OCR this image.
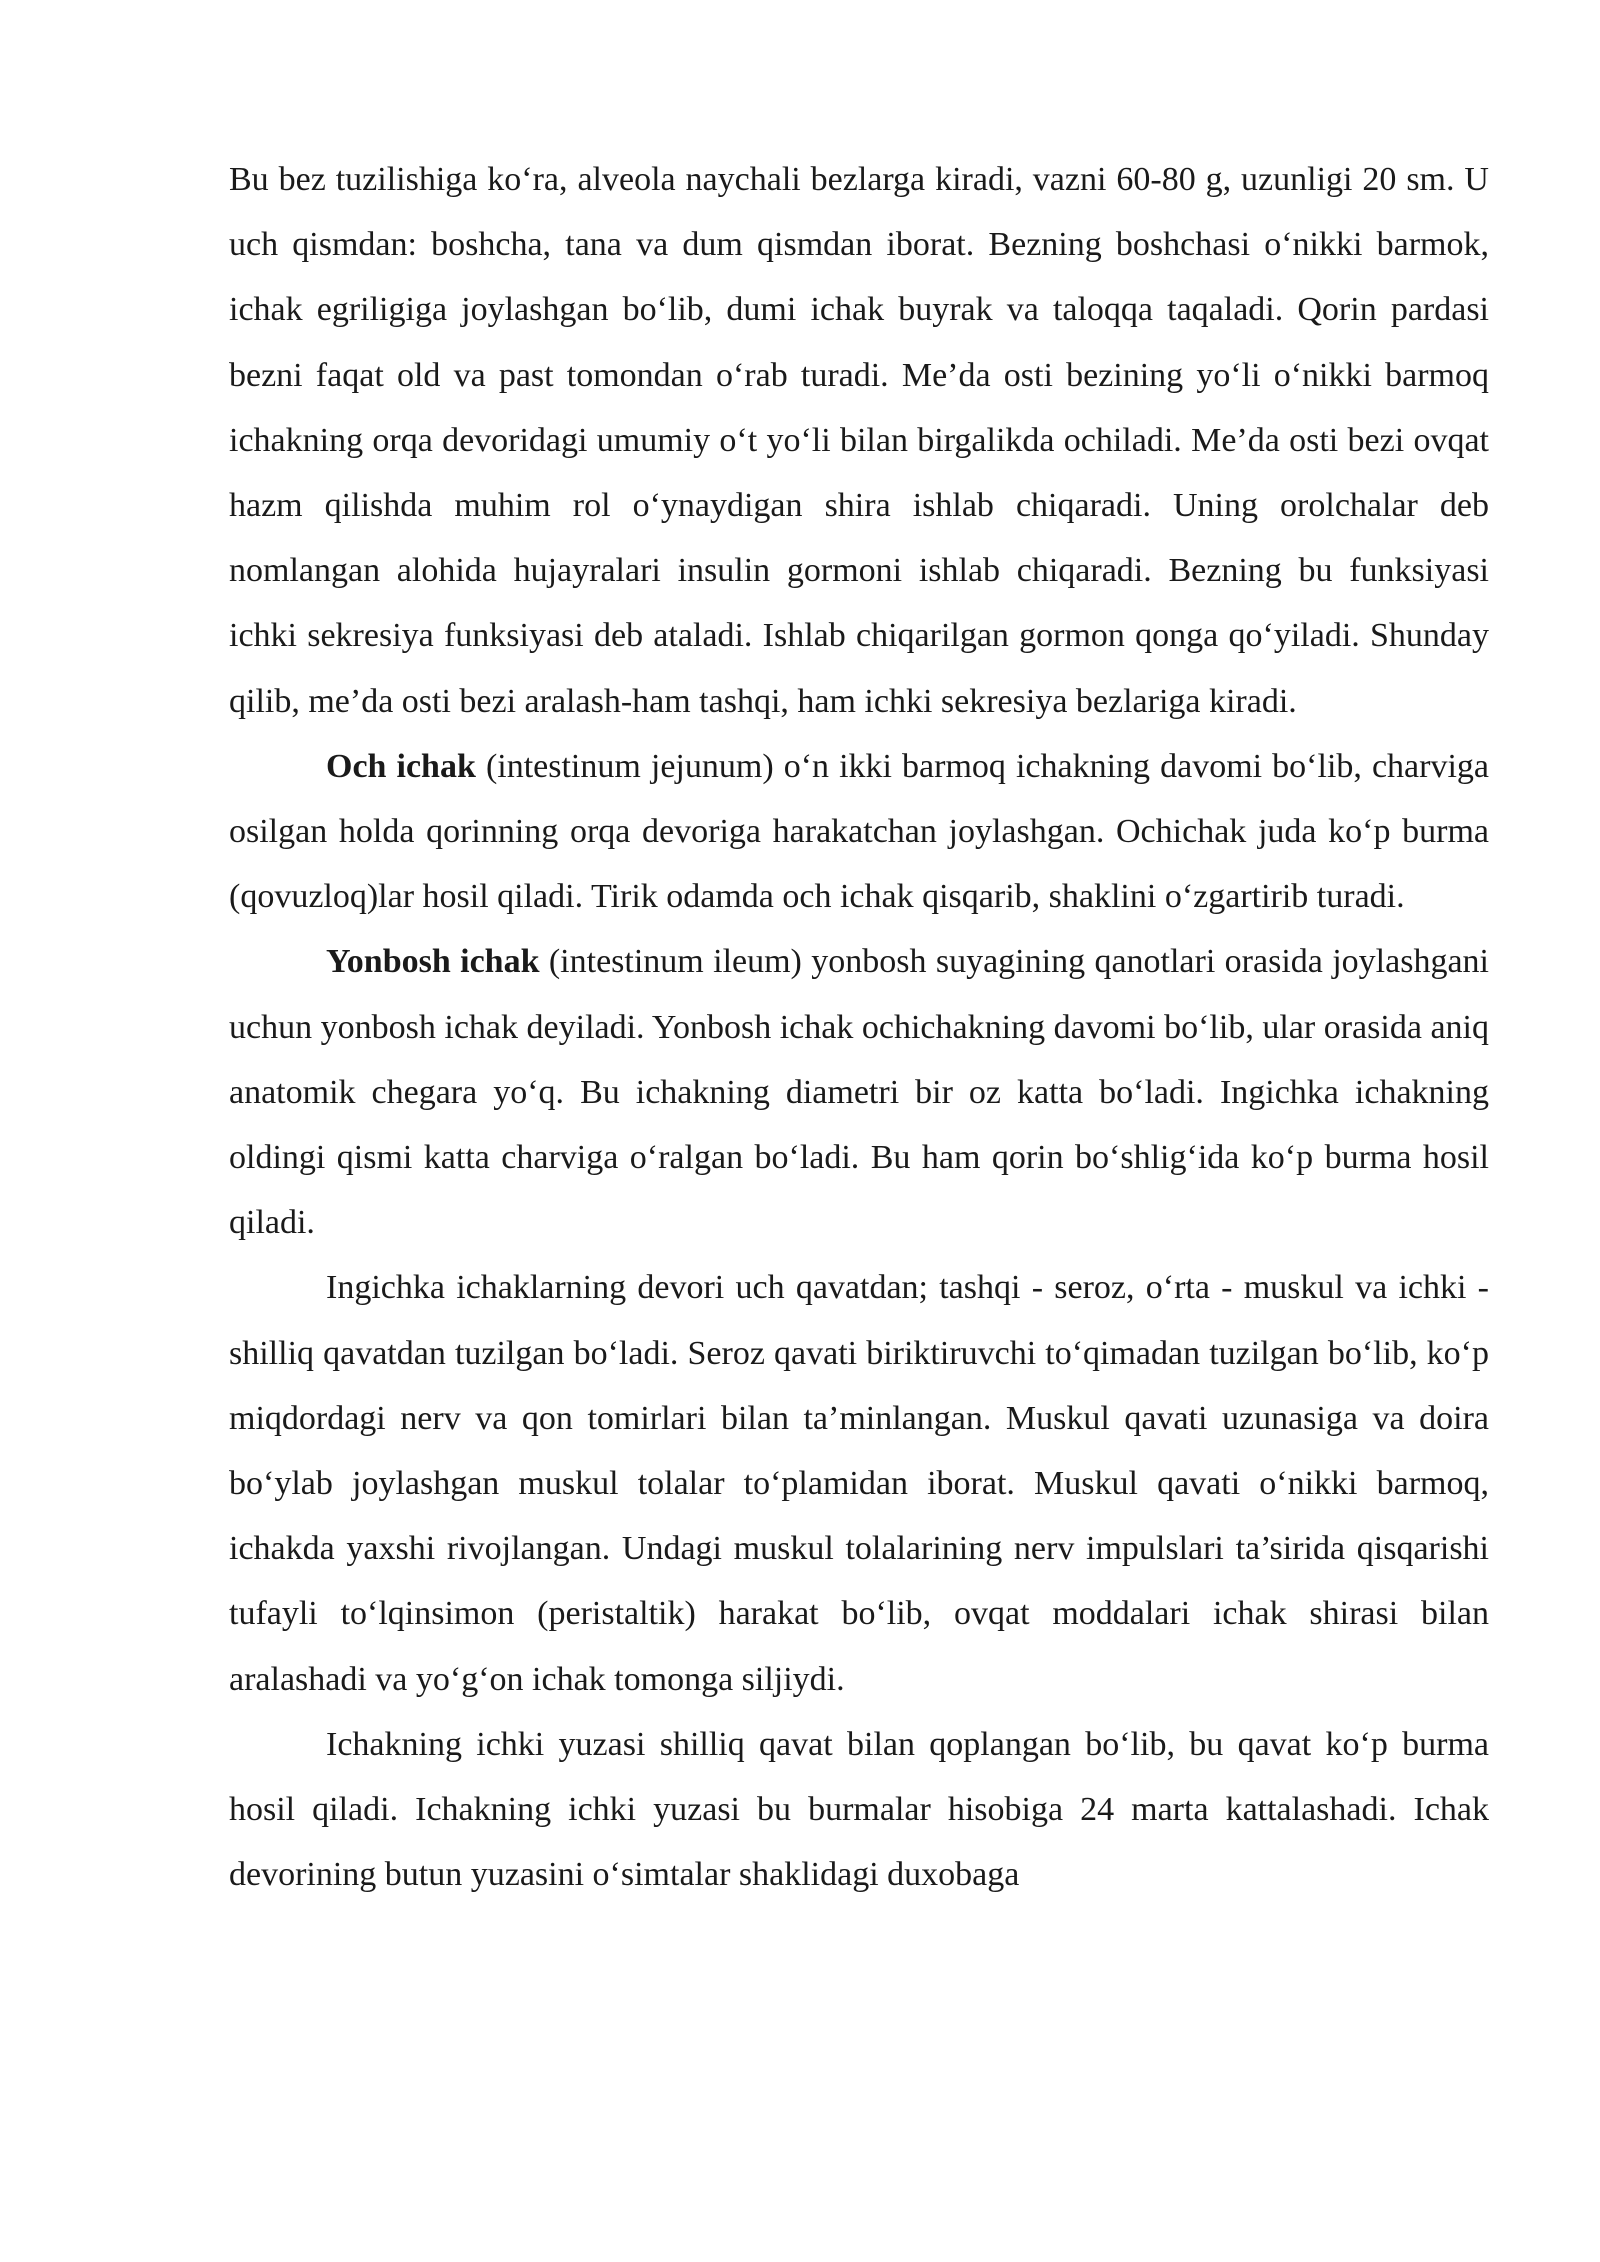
Bu bez tuzilishiga ko‘ra, alveola naychali bezlarga kiradi, vazni 60-80 g, uzunligi 20 sm. U uch qismdan: boshcha, tana va dum qismdan iborat. Bezning boshchasi o‘nikki barmok, ichak egriligiga joylashgan bo‘lib, dumi ichak buyrak va taloqqa taqaladi. Qorin pardasi bezni faqat old va past tomondan o‘rab turadi. Me’da osti bezining yo‘li o‘nikki barmoq ichakning orqa devoridagi umumiy o‘t yo‘li bilan birgalikda ochiladi. Me’da osti bezi ovqat hazm qilishda muhim rol o‘ynaydigan shira ishlab chiqaradi. Uning orolchalar deb nomlangan alohida hujayralari insulin gormoni ishlab chiqaradi. Bezning bu funksiyasi ichki sekresiya funksiyasi deb ataladi. Ishlab chiqarilgan gormon qonga qo‘yiladi. Shunday qilib, me’da osti bezi aralash-ham tashqi, ham ichki sekresiya bezlariga kiradi.

Och ichak (intestinum jejunum) o‘n ikki barmoq ichakning davomi bo‘lib, charviga osilgan holda qorinning orqa devoriga harakatchan joylashgan. Ochichak juda ko‘p burma (qovuzloq)lar hosil qiladi. Tirik odamda och ichak qisqarib, shaklini o‘zgartirib turadi.

Yonbosh ichak (intestinum ileum) yonbosh suyagining qanotlari orasida joylashgani uchun yonbosh ichak deyiladi. Yonbosh ichak ochichakning davomi bo‘lib, ular orasida aniq anatomik chegara yo‘q. Bu ichakning diametri bir oz katta bo‘ladi. Ingichka ichakning oldingi qismi katta charviga o‘ralgan bo‘ladi. Bu ham qorin bo‘shlig‘ida ko‘p burma hosil qiladi.

Ingichka ichaklarning devori uch qavatdan; tashqi - seroz, o‘rta - muskul va ichki - shilliq qavatdan tuzilgan bo‘ladi. Seroz qavati biriktiruvchi to‘qimadan tuzilgan bo‘lib, ko‘p miqdordagi nerv va qon tomirlari bilan ta’minlangan. Muskul qavati uzunasiga va doira bo‘ylab joylashgan muskul tolalar to‘plamidan iborat. Muskul qavati o‘nikki barmoq, ichakda yaxshi rivojlangan. Undagi muskul tolalarining nerv impulslari ta’sirida qisqarishi tufayli to‘lqinsimon (peristaltik) harakat bo‘lib, ovqat moddalari ichak shirasi bilan aralashadi va yo‘g‘on ichak tomonga siljiydi.

Ichakning ichki yuzasi shilliq qavat bilan qoplangan bo‘lib, bu qavat ko‘p burma hosil qiladi. Ichakning ichki yuzasi bu burmalar hisobiga 24 marta kattalashadi. Ichak devorining butun yuzasini o‘simtalar shaklidagi duxobaga
